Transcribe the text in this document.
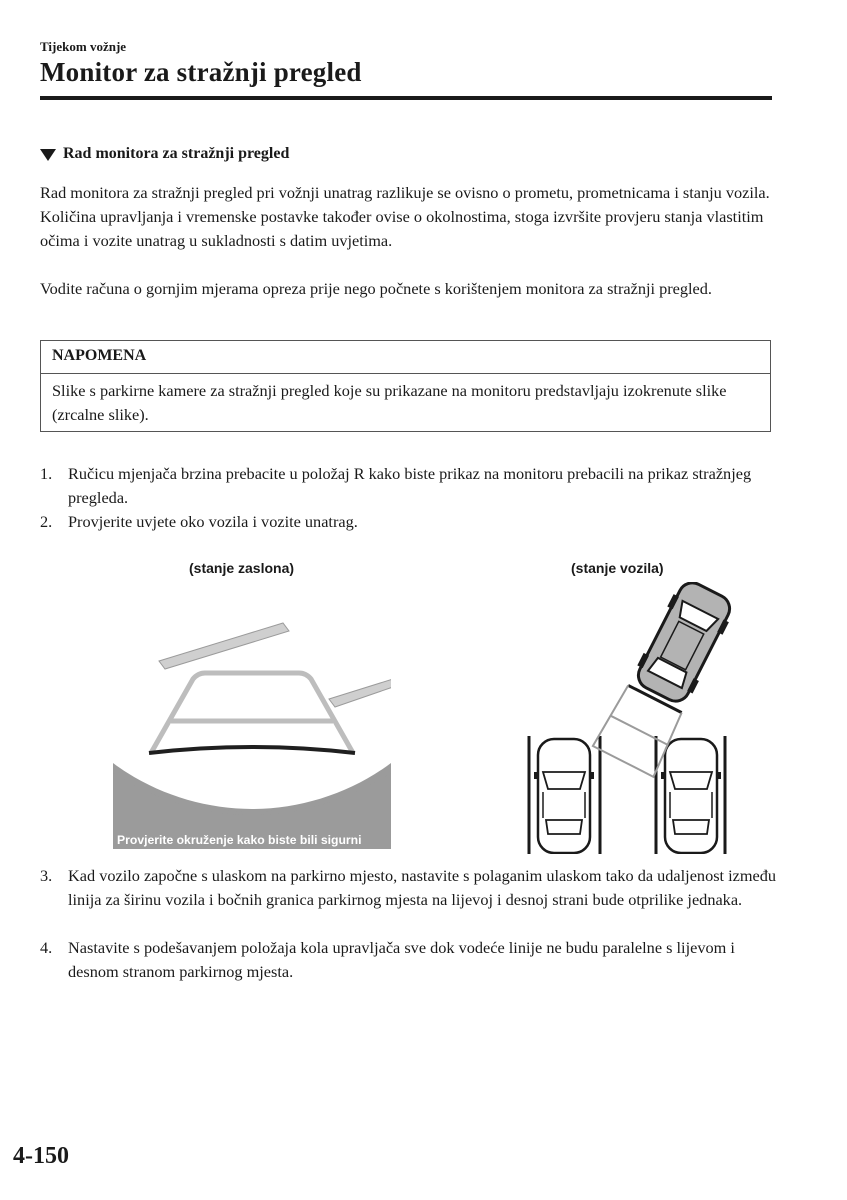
Tijekom vožnje
Monitor za stražnji pregled
Rad monitora za stražnji pregled
Rad monitora za stražnji pregled pri vožnji unatrag razlikuje se ovisno o prometu, prometnicama i stanju vozila. Količina upravljanja i vremenske postavke također ovise o okolnostima, stoga izvršite provjeru stanja vlastitim očima i vozite unatrag u sukladnosti s datim uvjetima.
Vodite računa o gornjim mjerama opreza prije nego počnete s korištenjem monitora za stražnji pregled.
NAPOMENA
Slike s parkirne kamere za stražnji pregled koje su prikazane na monitoru predstavljaju izokrenute slike (zrcalne slike).
1. Ručicu mjenjača brzina prebacite u položaj R kako biste prikaz na monitoru prebacili na prikaz stražnjeg pregleda.
2. Provjerite uvjete oko vozila i vozite unatrag.
(stanje zaslona)	(stanje vozila)
Provjerite okruženje kako biste bili sigurni
3. Kad vozilo započne s ulaskom na parkirno mjesto, nastavite s polaganim ulaskom tako da udaljenost između linija za širinu vozila i bočnih granica parkirnog mjesta na lijevoj i desnoj strani bude otprilike jednaka.
4. Nastavite s podešavanjem položaja kola upravljača sve dok vodeće linije ne budu paralelne s lijevom i desnom stranom parkirnog mjesta.
4-150
